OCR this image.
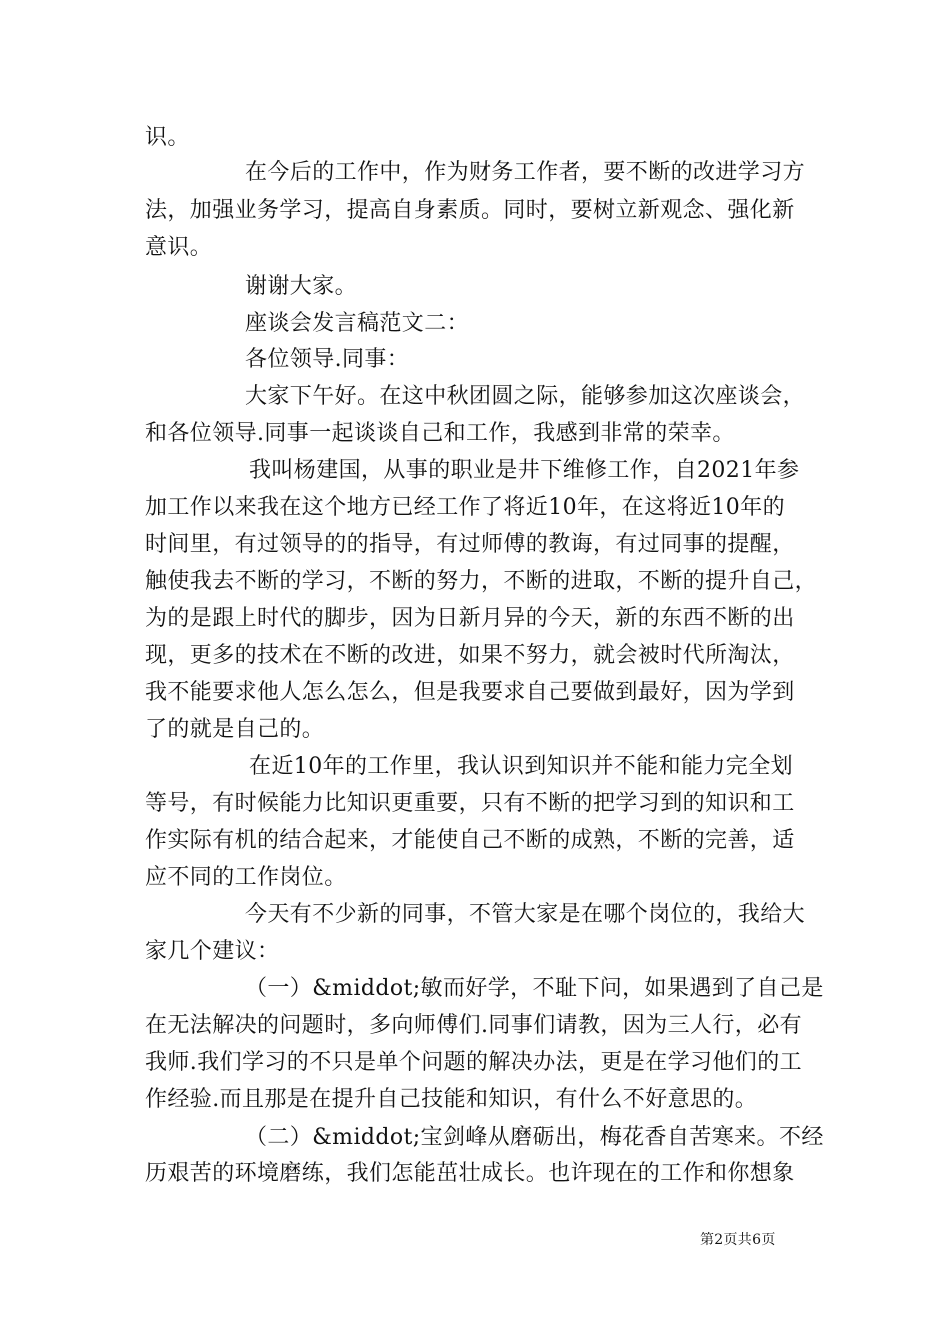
识。
在今后的工作中，作为财务工作者，要不断的改进学习方
法，加强业务学习，提高自身素质。同时，要树立新观念、强化新
意识。
谢谢大家。
座谈会发言稿范文二：
各位领导.同事：
大家下午好。在这中秋团圆之际，能够参加这次座谈会，
和各位领导.同事一起谈谈自己和工作，我感到非常的荣幸。
我叫杨建国，从事的职业是井下维修工作，自2021年参
加工作以来我在这个地方已经工作了将近10年，在这将近10年的
时间里，有过领导的的指导，有过师傅的教诲，有过同事的提醒，
触使我去不断的学习，不断的努力，不断的进取，不断的提升自己，
为的是跟上时代的脚步，因为日新月异的今天，新的东西不断的出
现，更多的技术在不断的改进，如果不努力，就会被时代所淘汰，
我不能要求他人怎么怎么，但是我要求自己要做到最好，因为学到
了的就是自己的。
在近10年的工作里，我认识到知识并不能和能力完全划
等号，有时候能力比知识更重要，只有不断的把学习到的知识和工
作实际有机的结合起来，才能使自己不断的成熟，不断的完善，适
应不同的工作岗位。
今天有不少新的同事，不管大家是在哪个岗位的，我给大
家几个建议：
（一）&middot;敏而好学，不耻下问，如果遇到了自己是
在无法解决的问题时，多向师傅们.同事们请教，因为三人行，必有
我师.我们学习的不只是单个问题的解决办法，更是在学习他们的工
作经验.而且那是在提升自己技能和知识，有什么不好意思的。
（二）&middot;宝剑峰从磨砺出，梅花香自苦寒来。不经
历艰苦的环境磨练，我们怎能茁壮成长。也许现在的工作和你想象
第2页共6页
